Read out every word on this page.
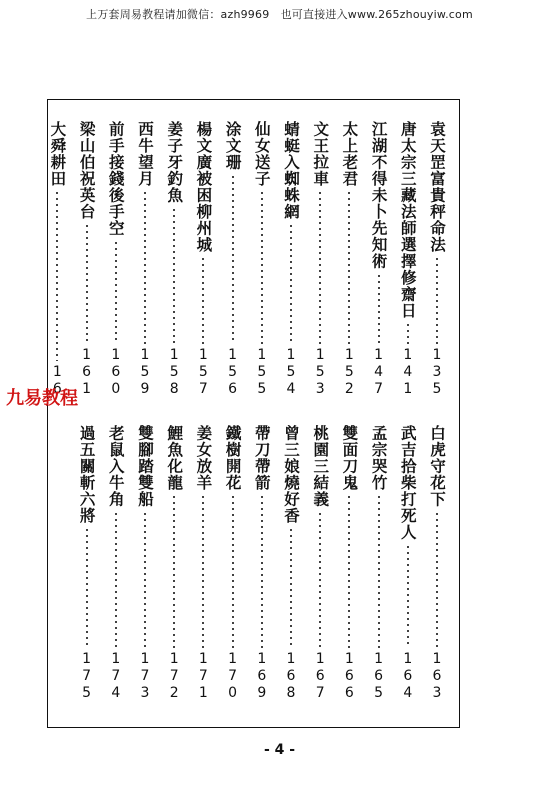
上万套周易教程请加微信：azh9969　也可直接进入www.265zhouyiw.com
袁天罡富貴秤命法
135
唐太宗三藏法師選擇修齋日
141
江湖不得未卜先知術
147
太上老君
152
文王拉車
153
蜻蜓入蜘蛛網
154
仙女送子
155
涂文珊
156
楊文廣被困柳州城
157
姜子牙釣魚
158
西牛望月
159
前手接錢後手空
160
梁山伯祝英台
161
大舜耕田
16
白虎守花下
163
武吉拾柴打死人
164
孟宗哭竹
165
雙面刀鬼
166
桃園三結義
167
曾三娘燒好香
168
帶刀帶箭
169
鐵樹開花
170
姜女放羊
171
鯉魚化龍
172
雙腳踏雙船
173
老鼠入牛角
174
過五關斬六將
175
九易教程
- 4 -
